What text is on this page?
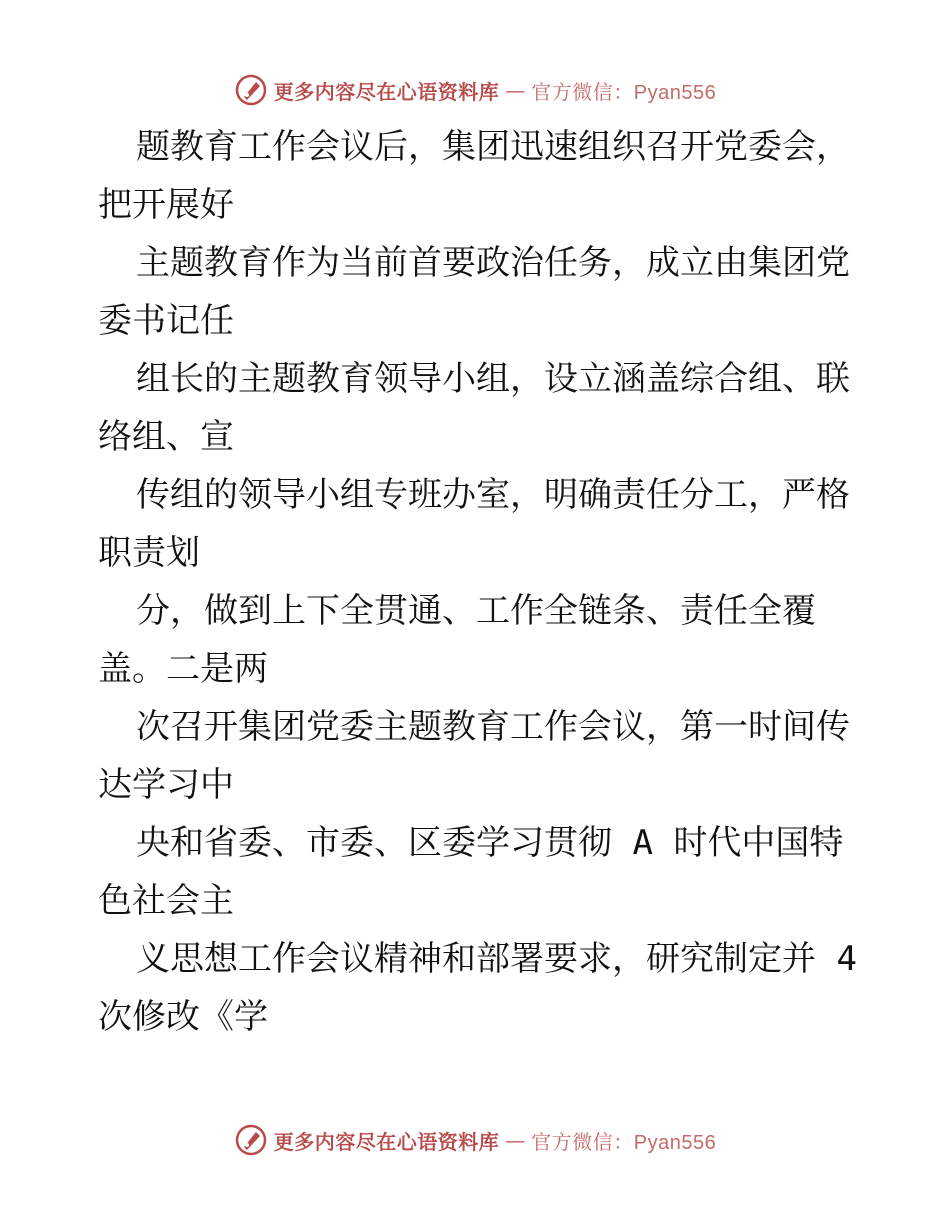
更多内容尽在心语资料库 — 官方微信：Pyan556
题教育工作会议后，集团迅速组织召开党委会，
把开展好
主题教育作为当前首要政治任务，成立由集团党
委书记任
组长的主题教育领导小组，设立涵盖综合组、联
络组、宣
传组的领导小组专班办室，明确责任分工，严格
职责划
分，做到上下全贯通、工作全链条、责任全覆
盖。二是两
次召开集团党委主题教育工作会议，第一时间传
达学习中
央和省委、市委、区委学习贯彻 A 时代中国特
色社会主
义思想工作会议精神和部署要求，研究制定并 4
次修改《学
更多内容尽在心语资料库 — 官方微信：Pyan556
